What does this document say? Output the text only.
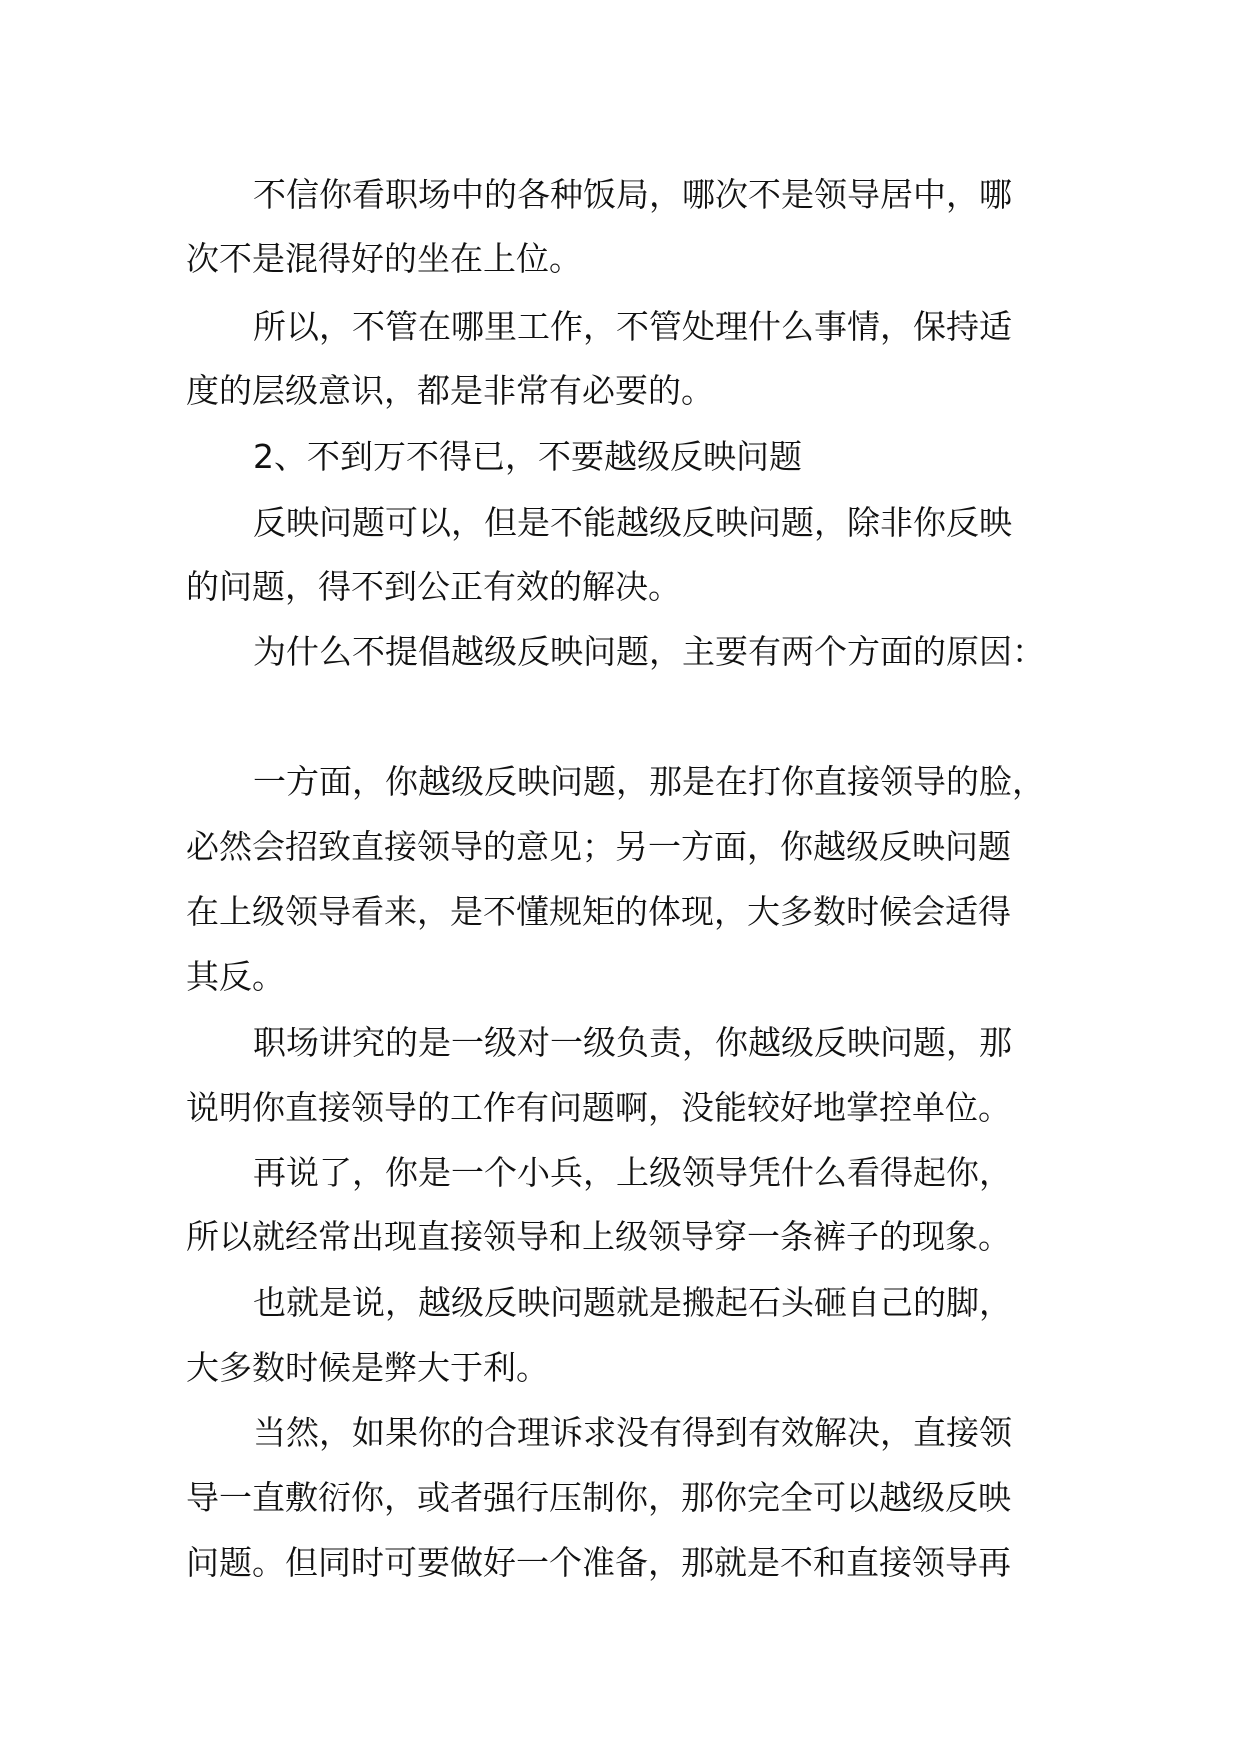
不信你看职场中的各种饭局，哪次不是领导居中，哪
次不是混得好的坐在上位。
所以，不管在哪里工作，不管处理什么事情，保持适
度的层级意识，都是非常有必要的。
2、不到万不得已，不要越级反映问题
反映问题可以，但是不能越级反映问题，除非你反映
的问题，得不到公正有效的解决。
为什么不提倡越级反映问题，主要有两个方面的原因：
一方面，你越级反映问题，那是在打你直接领导的脸，
必然会招致直接领导的意见；另一方面，你越级反映问题
在上级领导看来，是不懂规矩的体现，大多数时候会适得
其反。
职场讲究的是一级对一级负责，你越级反映问题，那
说明你直接领导的工作有问题啊，没能较好地掌控单位。
再说了，你是一个小兵，上级领导凭什么看得起你，
所以就经常出现直接领导和上级领导穿一条裤子的现象。
也就是说，越级反映问题就是搬起石头砸自己的脚，
大多数时候是弊大于利。
当然，如果你的合理诉求没有得到有效解决，直接领
导一直敷衍你，或者强行压制你，那你完全可以越级反映
问题。但同时可要做好一个准备，那就是不和直接领导再
